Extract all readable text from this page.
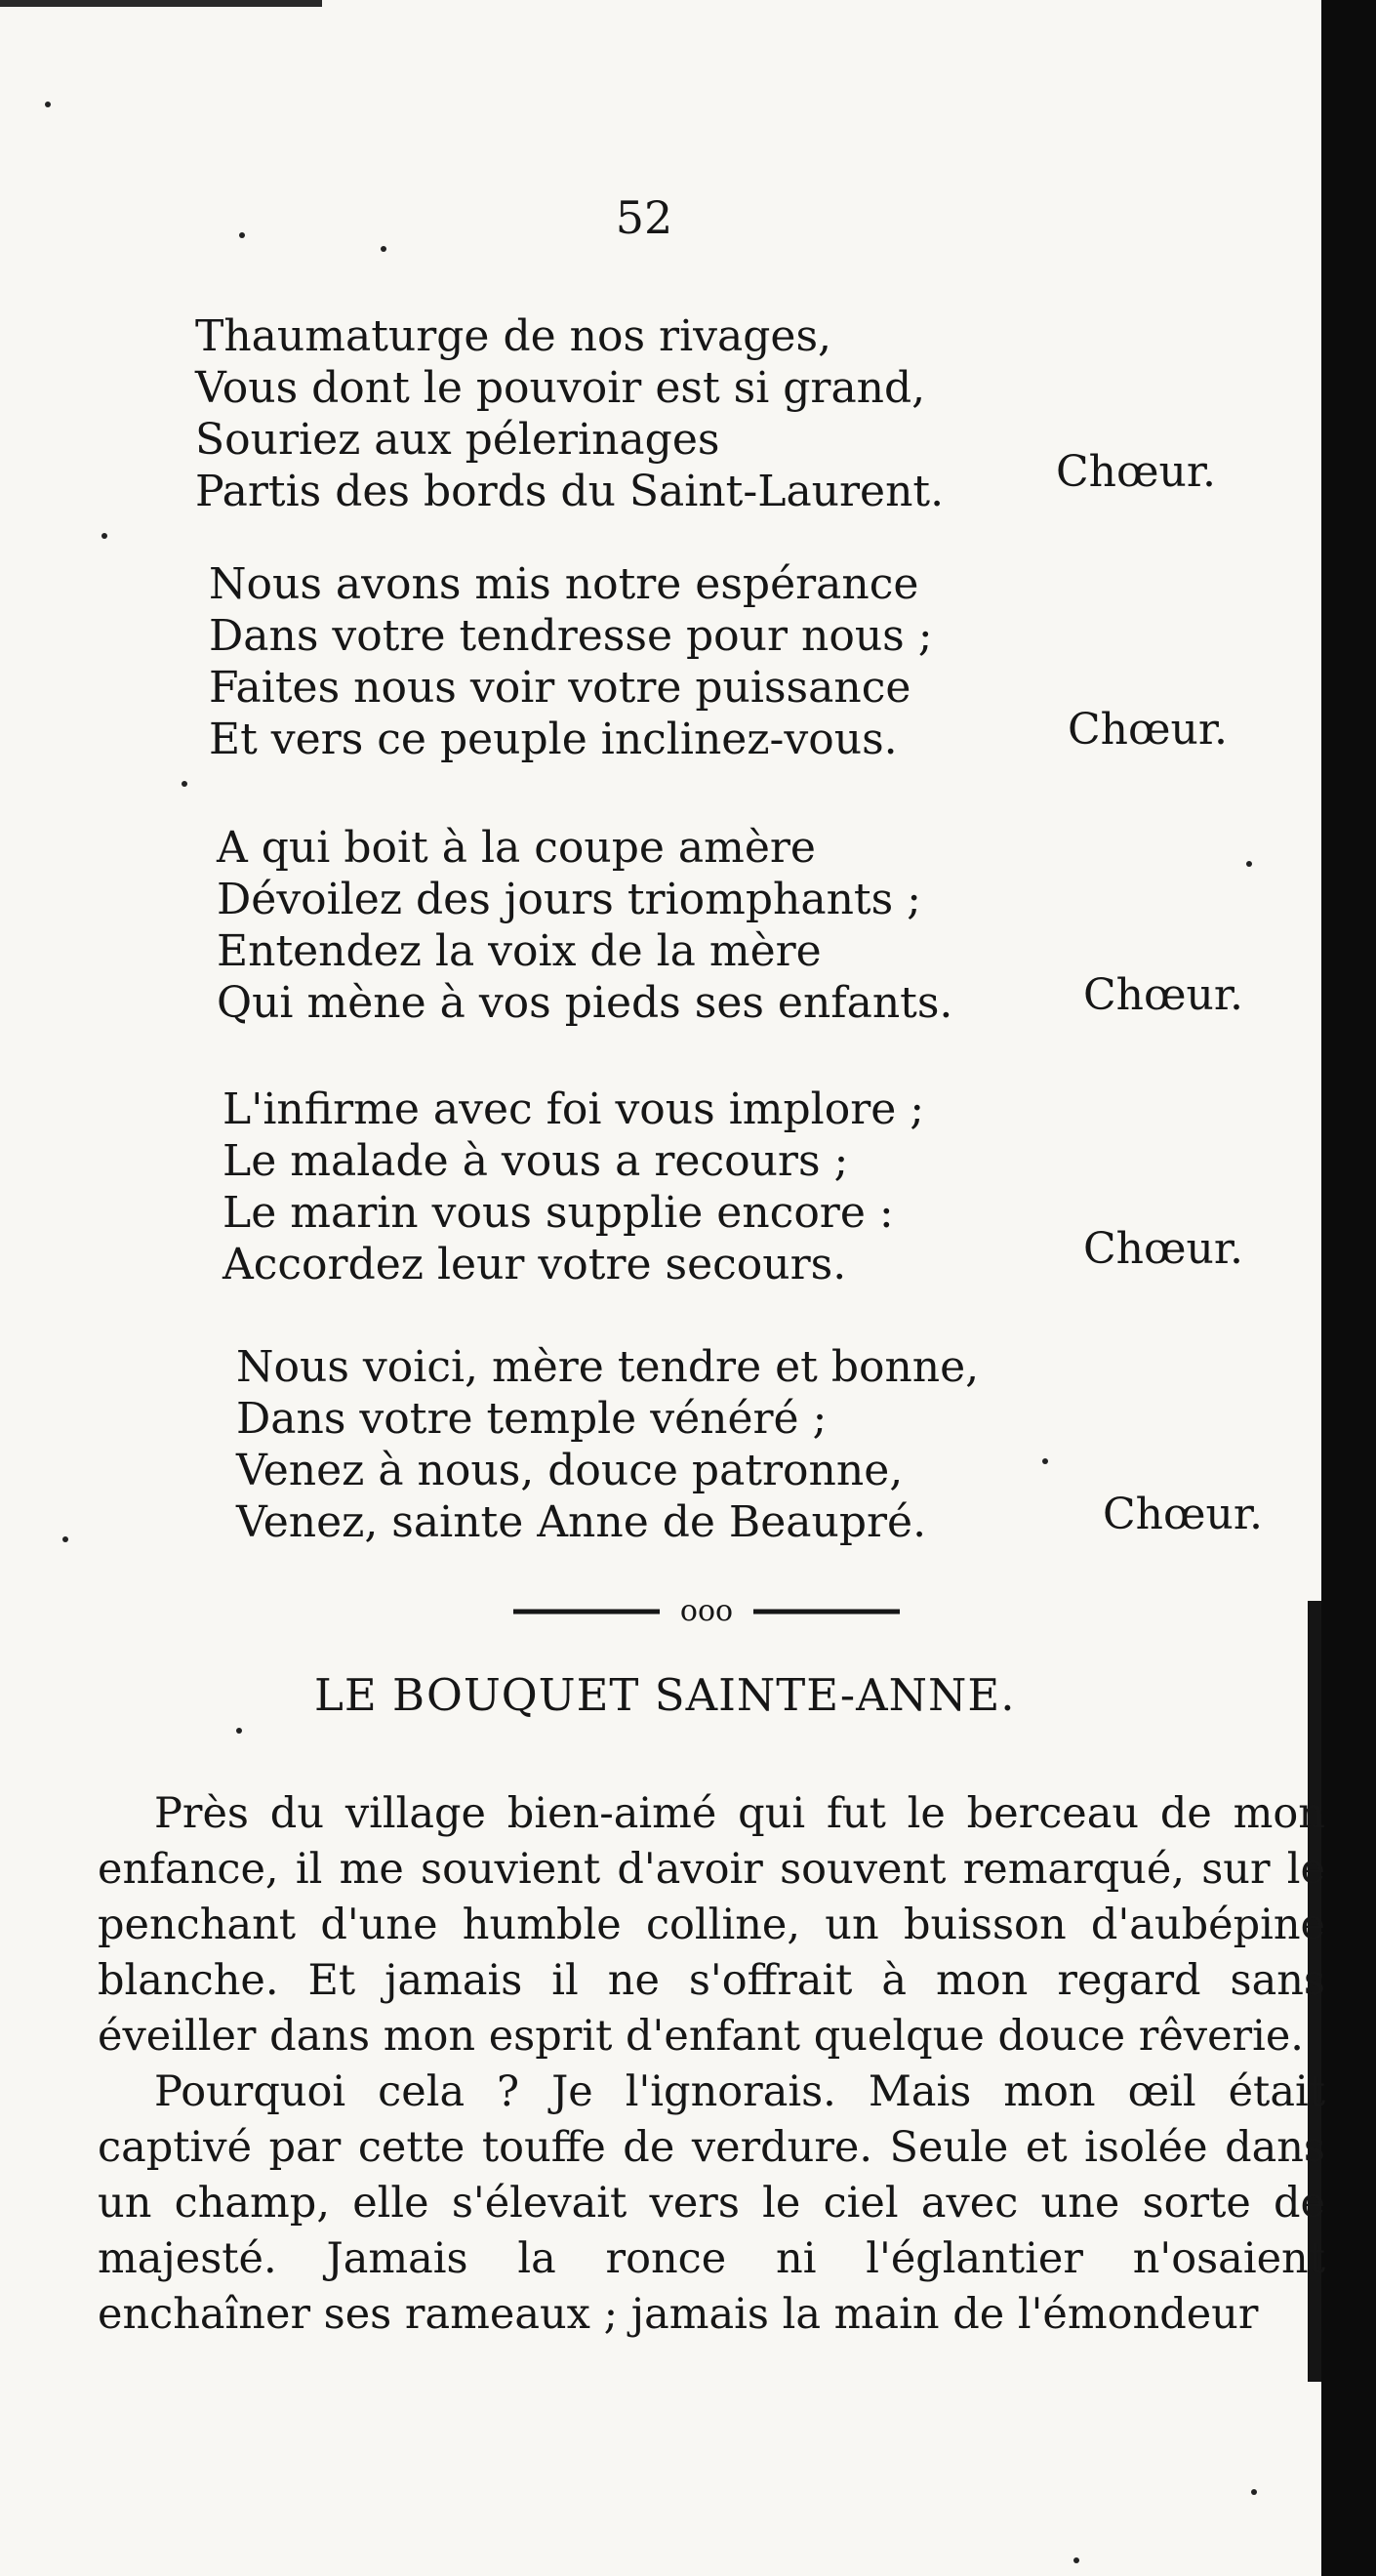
52
Thaumaturge de nos rivages,
Vous dont le pouvoir est si grand,
Souriez aux pélerinages
Partis des bords du Saint-Laurent.	Chœur.
Nous avons mis notre espérance
Dans votre tendresse pour nous ;
Faites nous voir votre puissance
Et vers ce peuple inclinez-vous.	Chœur.
A qui boit à la coupe amère
Dévoilez des jours triomphants ;
Entendez la voix de la mère
Qui mène à vos pieds ses enfants.	Chœur.
L'infirme avec foi vous implore ;
Le malade à vous a recours ;
Le marin vous supplie encore :
Accordez leur votre secours.	Chœur.
Nous voici, mère tendre et bonne,
Dans votre temple vénéré ;
Venez à nous, douce patronne,
Venez, sainte Anne de Beaupré.	Chœur.
ooo
LE BOUQUET SAINTE-ANNE.

Près du village bien-aimé qui fut le berceau de mon enfance, il me souvient d'avoir souvent remarqué, sur le penchant d'une humble colline, un buisson d'aubépine blanche. Et jamais il ne s'offrait à mon regard sans éveiller dans mon esprit d'enfant quelque douce rêverie.

Pourquoi cela ? Je l'ignorais. Mais mon œil était captivé par cette touffe de verdure. Seule et isolée dans un champ, elle s'élevait vers le ciel avec une sorte de majesté. Jamais la ronce ni l'églantier n'osaient enchaîner ses rameaux ; jamais la main de l'émondeur
